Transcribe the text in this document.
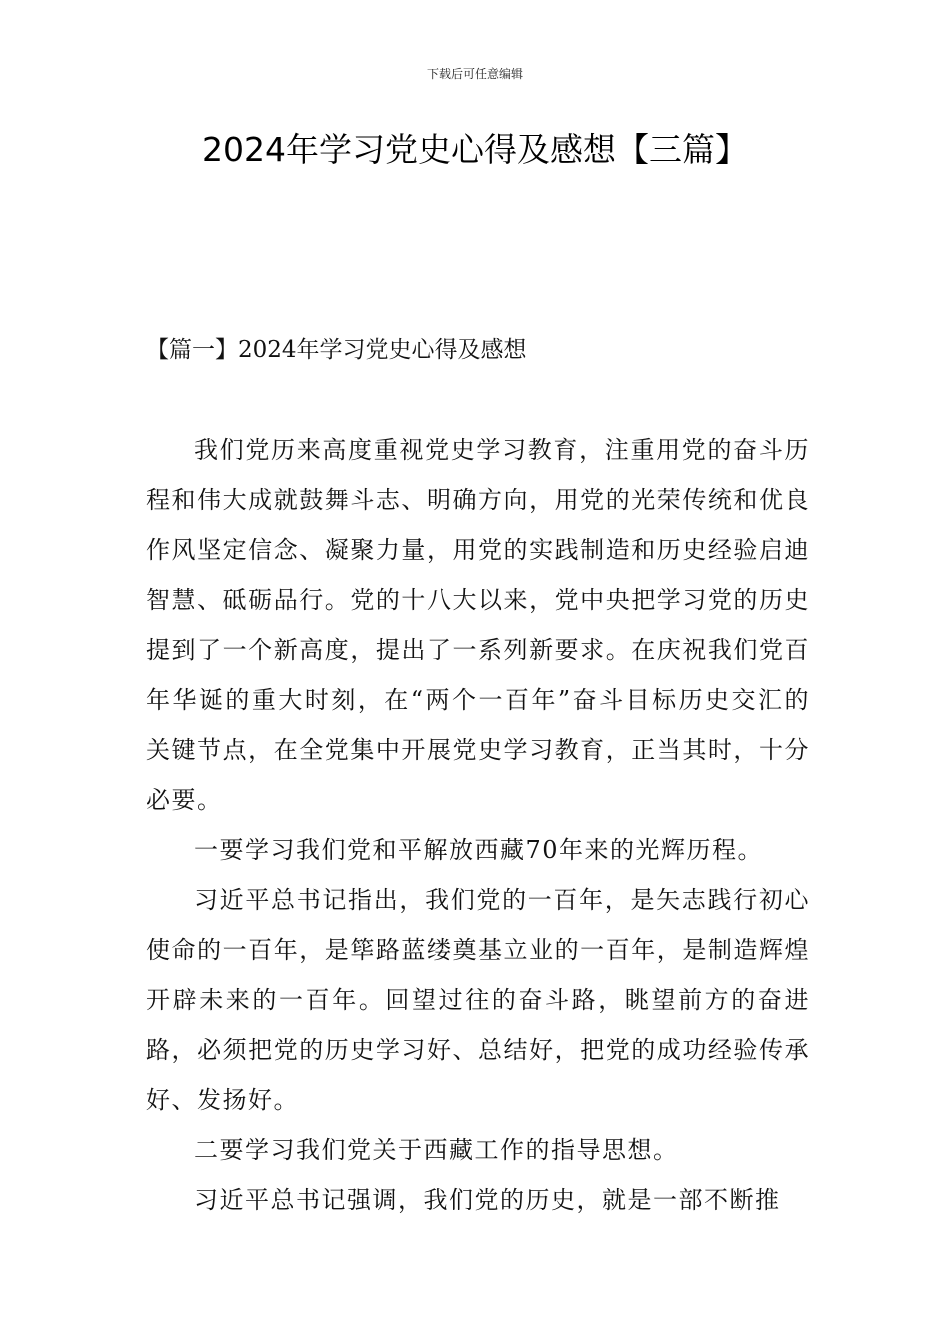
下载后可任意编辑
2024年学习党史心得及感想【三篇】
【篇一】2024年学习党史心得及感想

我们党历来高度重视党史学习教育，注重用党的奋斗历程和伟大成就鼓舞斗志、明确方向，用党的光荣传统和优良作风坚定信念、凝聚力量，用党的实践制造和历史经验启迪智慧、砥砺品行。党的十八大以来，党中央把学习党的历史提到了一个新高度，提出了一系列新要求。在庆祝我们党百年华诞的重大时刻，在“两个一百年”奋斗目标历史交汇的关键节点，在全党集中开展党史学习教育，正当其时，十分必要。

一要学习我们党和平解放西藏70年来的光辉历程。

习近平总书记指出，我们党的一百年，是矢志践行初心使命的一百年，是筚路蓝缕奠基立业的一百年，是制造辉煌开辟未来的一百年。回望过往的奋斗路，眺望前方的奋进路，必须把党的历史学习好、总结好，把党的成功经验传承好、发扬好。

二要学习我们党关于西藏工作的指导思想。

习近平总书记强调，我们党的历史，就是一部不断推
